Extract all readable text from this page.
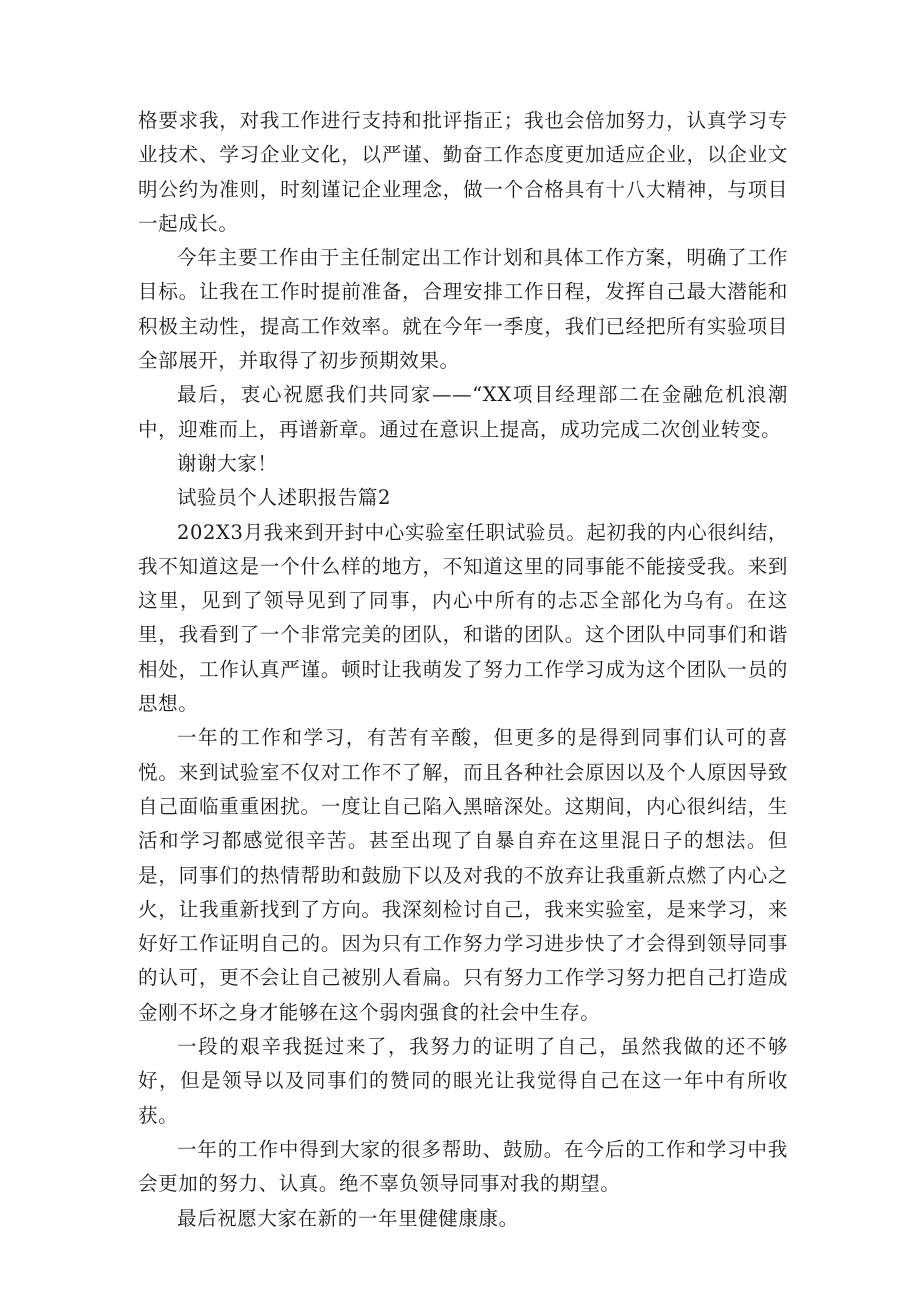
格要求我，对我工作进行支持和批评指正；我也会倍加努力，认真学习专业技术、学习企业文化，以严谨、勤奋工作态度更加适应企业，以企业文明公约为准则，时刻谨记企业理念，做一个合格具有十八大精神，与项目一起成长。

今年主要工作由于主任制定出工作计划和具体工作方案，明确了工作目标。让我在工作时提前准备，合理安排工作日程，发挥自己最大潜能和积极主动性，提高工作效率。就在今年一季度，我们已经把所有实验项目全部展开，并取得了初步预期效果。

最后，衷心祝愿我们共同家——“XX项目经理部二在金融危机浪潮中，迎难而上，再谱新章。通过在意识上提高，成功完成二次创业转变。

谢谢大家！

试验员个人述职报告篇2

202X3月我来到开封中心实验室任职试验员。起初我的内心很纠结，我不知道这是一个什么样的地方，不知道这里的同事能不能接受我。来到这里，见到了领导见到了同事，内心中所有的忐忑全部化为乌有。在这里，我看到了一个非常完美的团队，和谐的团队。这个团队中同事们和谐相处，工作认真严谨。顿时让我萌发了努力工作学习成为这个团队一员的思想。

一年的工作和学习，有苦有辛酸，但更多的是得到同事们认可的喜悦。来到试验室不仅对工作不了解，而且各种社会原因以及个人原因导致自己面临重重困扰。一度让自己陷入黑暗深处。这期间，内心很纠结，生活和学习都感觉很辛苦。甚至出现了自暴自弃在这里混日子的想法。但是，同事们的热情帮助和鼓励下以及对我的不放弃让我重新点燃了内心之火，让我重新找到了方向。我深刻检讨自己，我来实验室，是来学习，来好好工作证明自己的。因为只有工作努力学习进步快了才会得到领导同事的认可，更不会让自己被别人看扁。只有努力工作学习努力把自己打造成金刚不坏之身才能够在这个弱肉强食的社会中生存。

一段的艰辛我挺过来了，我努力的证明了自己，虽然我做的还不够好，但是领导以及同事们的赞同的眼光让我觉得自己在这一年中有所收获。

一年的工作中得到大家的很多帮助、鼓励。在今后的工作和学习中我会更加的努力、认真。绝不辜负领导同事对我的期望。

最后祝愿大家在新的一年里健健康康。
